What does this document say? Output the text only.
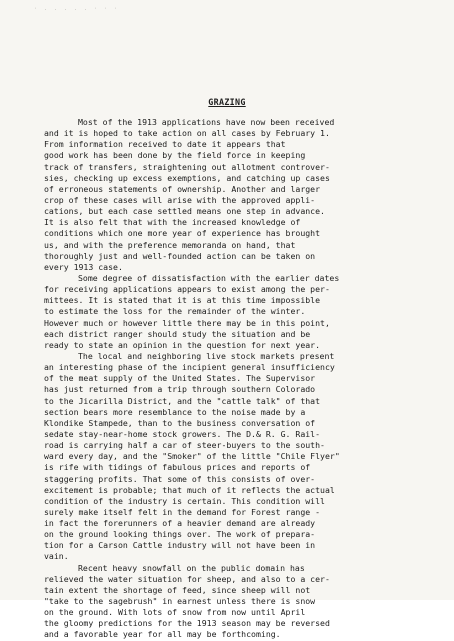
· . . . . . · · ·
GRAZING
Most of the 1913 applications have now been received
and it is hoped to take action on all cases by February 1.
From information received to date it appears that
good work has been done by the field force in keeping
track of transfers, straightening out allotment controver-
sies, checking up excess exemptions, and catching up cases
of erroneous statements of ownership. Another and larger
crop of these cases will arise with the approved appli-
cations, but each case settled means one step in advance.
It is also felt that with the increased knowledge of
conditions which one more year of experience has brought
us, and with the preference memoranda on hand, that
thoroughly just and well-founded action can be taken on
every 1913 case.
Some degree of dissatisfaction with the earlier dates
for receiving applications appears to exist among the per-
mittees. It is stated that it is at this time impossible
to estimate the loss for the remainder of the winter.
However much or however little there may be in this point,
each district ranger should study the situation and be
ready to state an opinion in the question for next year.
The local and neighboring live stock markets present
an interesting phase of the incipient general insufficiency
of the meat supply of the United States. The Supervisor
has just returned from a trip through southern Colorado
to the Jicarilla District, and the "cattle talk" of that
section bears more resemblance to the noise made by a
Klondike Stampede, than to the business conversation of
sedate stay-near-home stock growers. The D.& R. G. Rail-
road is carrying half a car of steer-buyers to the south-
ward every day, and the "Smoker" of the little "Chile Flyer"
is rife with tidings of fabulous prices and reports of
staggering profits. That some of this consists of over-
excitement is probable; that much of it reflects the actual
condition of the industry is certain. This condition will
surely make itself felt in the demand for Forest range -
in fact the forerunners of a heavier demand are already
on the ground looking things over. The work of prepara-
tion for a Carson Cattle industry will not have been in
vain.
Recent heavy snowfall on the public domain has
relieved the water situation for sheep, and also to a cer-
tain extent the shortage of feed, since sheep will not
"take to the sagebrush" in earnest unless there is snow
on the ground. With lots of snow from now until April
the gloomy predictions for the 1913 season may be reversed
and a favorable year for all may be forthcoming.
